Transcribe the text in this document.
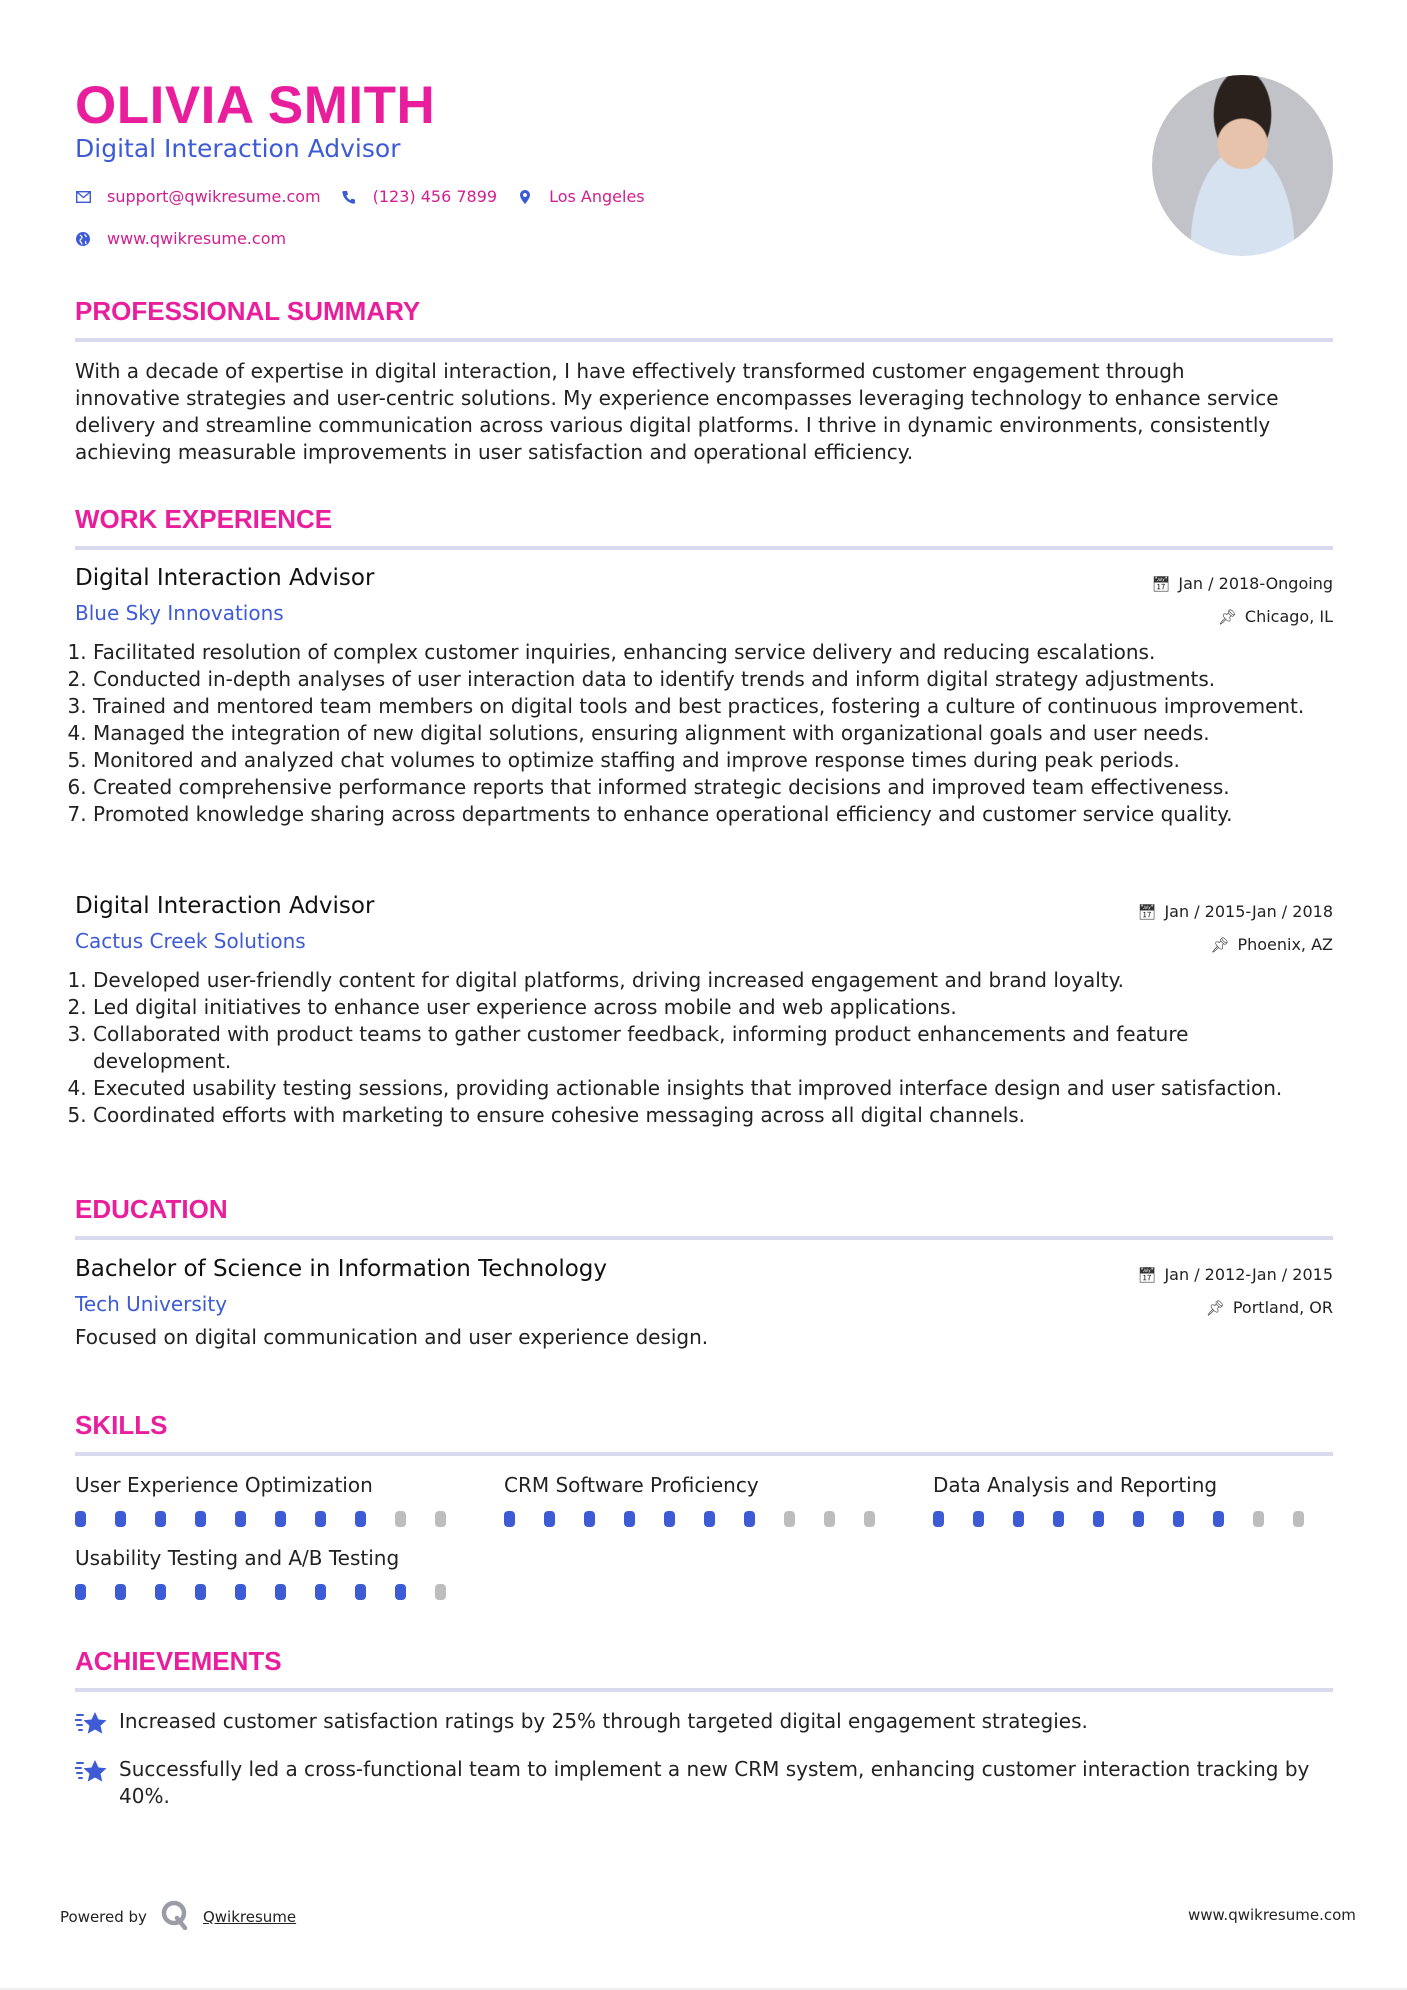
OLIVIA SMITH
Digital Interaction Advisor
support@qwikresume.com	(123) 456 7899	Los Angeles
www.qwikresume.com
PROFESSIONAL SUMMARY
With a decade of expertise in digital interaction, I have effectively transformed customer engagement through innovative strategies and user-centric solutions. My experience encompasses leveraging technology to enhance service delivery and streamline communication across various digital platforms. I thrive in dynamic environments, consistently achieving measurable improvements in user satisfaction and operational efficiency.
WORK EXPERIENCE
Digital Interaction Advisor
Blue Sky Innovations
📅︎ Jan / 2018-Ongoing
📌︎ Chicago, IL
1. Facilitated resolution of complex customer inquiries, enhancing service delivery and reducing escalations.
2. Conducted in-depth analyses of user interaction data to identify trends and inform digital strategy adjustments.
3. Trained and mentored team members on digital tools and best practices, fostering a culture of continuous improvement.
4. Managed the integration of new digital solutions, ensuring alignment with organizational goals and user needs.
5. Monitored and analyzed chat volumes to optimize staffing and improve response times during peak periods.
6. Created comprehensive performance reports that informed strategic decisions and improved team effectiveness.
7. Promoted knowledge sharing across departments to enhance operational efficiency and customer service quality.
Digital Interaction Advisor
Cactus Creek Solutions
📅︎ Jan / 2015-Jan / 2018
📌︎ Phoenix, AZ
1. Developed user-friendly content for digital platforms, driving increased engagement and brand loyalty.
2. Led digital initiatives to enhance user experience across mobile and web applications.
3. Collaborated with product teams to gather customer feedback, informing product enhancements and feature development.
4. Executed usability testing sessions, providing actionable insights that improved interface design and user satisfaction.
5. Coordinated efforts with marketing to ensure cohesive messaging across all digital channels.
EDUCATION
Bachelor of Science in Information Technology
Tech University
📅︎ Jan / 2012-Jan / 2015
📌︎ Portland, OR
Focused on digital communication and user experience design.
SKILLS
User Experience Optimization	CRM Software Proficiency	Data Analysis and Reporting
Usability Testing and A/B Testing
ACHIEVEMENTS
Increased customer satisfaction ratings by 25% through targeted digital engagement strategies.
Successfully led a cross-functional team to implement a new CRM system, enhancing customer interaction tracking by 40%.
Powered by	Qwikresume	www.qwikresume.com
